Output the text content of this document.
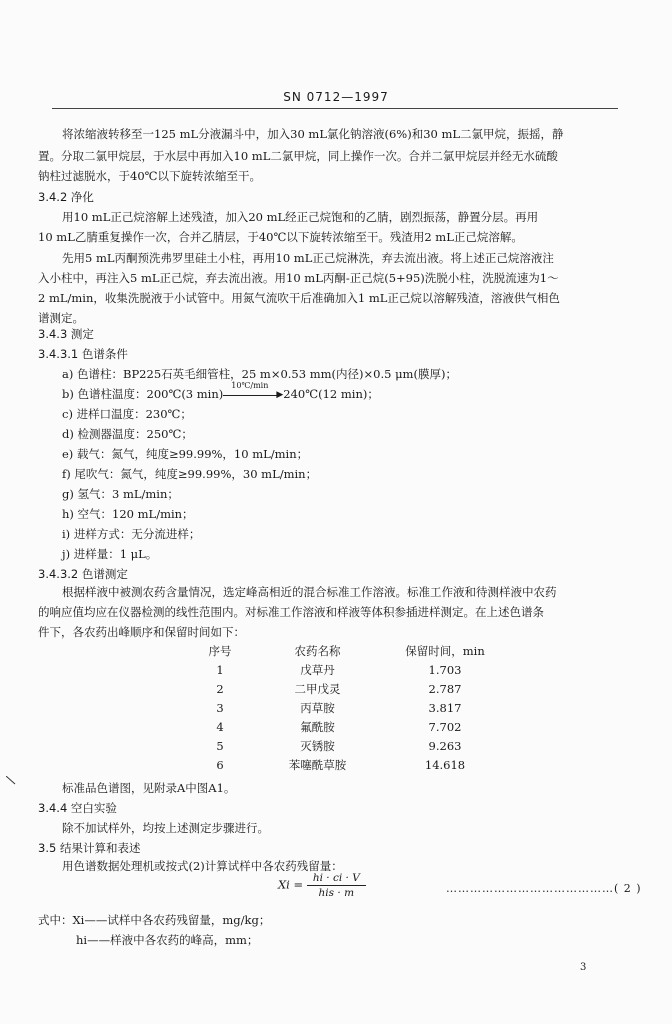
SN 0712—1997
将浓缩液转移至一125 mL分液漏斗中，加入30 mL氯化钠溶液(6%)和30 mL二氯甲烷，振摇，静
置。分取二氯甲烷层，于水层中再加入10 mL二氯甲烷，同上操作一次。合并二氯甲烷层并经无水硫酸
钠柱过滤脱水，于40℃以下旋转浓缩至干。
3.4.2 净化
用10 mL正己烷溶解上述残渣，加入20 mL经正己烷饱和的乙腈，剧烈振荡，静置分层。再用
10 mL乙腈重复操作一次，合并乙腈层，于40℃以下旋转浓缩至干。残渣用2 mL正己烷溶解。
先用5 mL丙酮预洗弗罗里硅土小柱，再用10 mL正己烷淋洗，弃去流出液。将上述正己烷溶液注
入小柱中，再注入5 mL正己烷，弃去流出液。用10 mL丙酮-正己烷(5+95)洗脱小柱，洗脱流速为1～
2 mL/min，收集洗脱液于小试管中。用氮气流吹干后准确加入1 mL正己烷以溶解残渣，溶液供气相色
谱测定。
3.4.3 测定
3.4.3.1 色谱条件
a) 色谱柱：BP225石英毛细管柱，25 m×0.53 mm(内径)×0.5 μm(膜厚)；
b) 色谱柱温度：200℃(3 min)
10℃/min
▶ 240℃(12 min)；
c) 进样口温度：230℃；
d) 检测器温度：250℃；
e) 载气：氮气，纯度≥99.99%，10 mL/min；
f) 尾吹气：氮气，纯度≥99.99%，30 mL/min；
g) 氢气：3 mL/min；
h) 空气：120 mL/min；
i) 进样方式：无分流进样；
j) 进样量：1 μL。
3.4.3.2 色谱测定
根据样液中被测农药含量情况，选定峰高相近的混合标准工作溶液。标准工作液和待测样液中农药
的响应值均应在仪器检测的线性范围内。对标准工作溶液和样液等体积参插进样测定。在上述色谱条
件下，各农药出峰顺序和保留时间如下：
序号	农药名称	保留时间，min
1	戊草丹	1.703
2	二甲戊灵	2.787
3	丙草胺	3.817
4	氟酰胺	7.702
5	灭锈胺	9.263
6	苯噻酰草胺	14.618
标准品色谱图，见附录A中图A1。
3.4.4 空白实验
除不加试样外，均按上述测定步骤进行。
3.5 结果计算和表述
用色谱数据处理机或按式(2)计算试样中各农药残留量：
$Xi = \frac{hi \cdot ci \cdot V}{\text{his · m}}$	……………………………………( 2 )
式中：Xi——试样中各农药残留量，mg/kg；
hi——样液中各农药的峰高，mm；
3
